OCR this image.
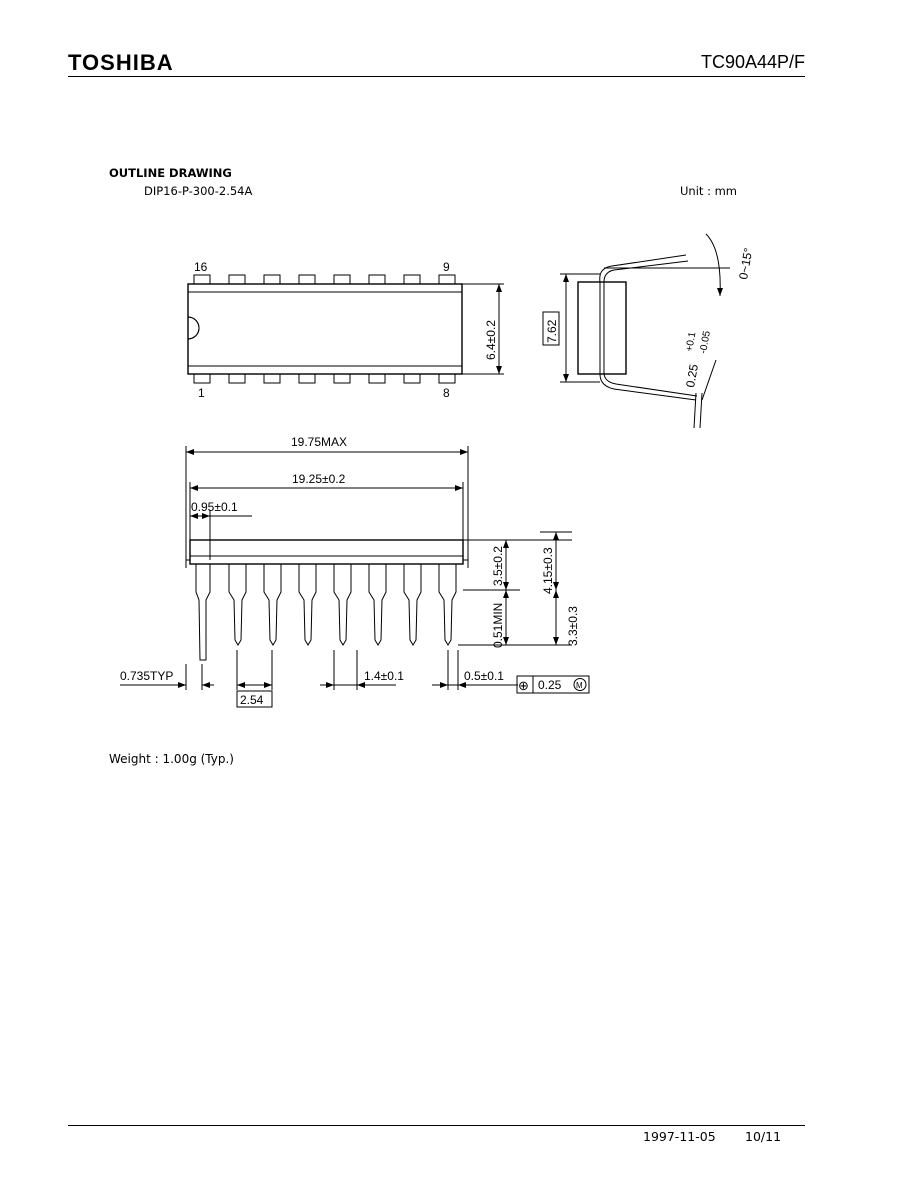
TOSHIBA	TC90A44P/F
OUTLINE DRAWING
DIP16-P-300-2.54A	Unit : mm
16	9
1	8
6.4±0.2	7.62
0~15°
0.25
+0.1 -0.05
19.75MAX
19.25±0.2
0.95±0.1
0.735TYP
2.54
1.4±0.1	0.5±0.1
⊕ 0.25 M
3.5±0.2
0.51MIN
4.15±0.3
3.3±0.3
Weight : 1.00g (Typ.)
1997-11-05 10/11
